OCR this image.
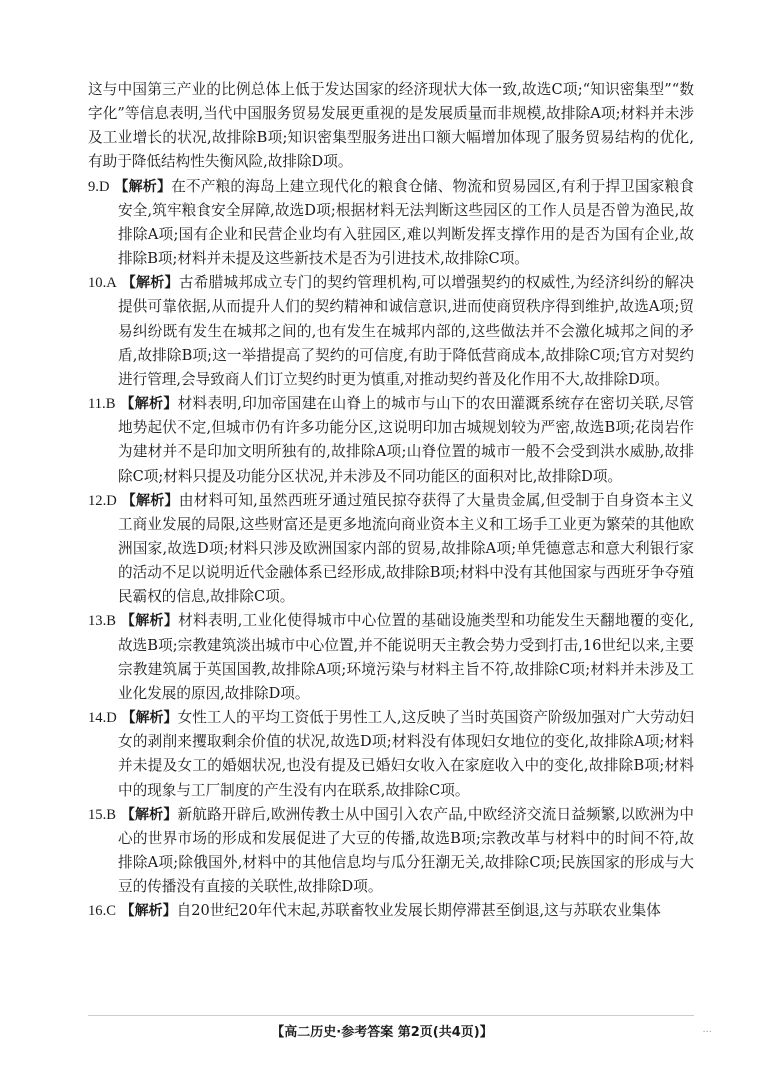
这与中国第三产业的比例总体上低于发达国家的经济现状大体一致,故选C项;“知识密集型”“数字化”等信息表明,当代中国服务贸易发展更重视的是发展质量而非规模,故排除A项;材料并未涉及工业增长的状况,故排除B项;知识密集型服务进出口额大幅增加体现了服务贸易结构的优化,有助于降低结构性失衡风险,故排除D项。

9.D 【解析】在不产粮的海岛上建立现代化的粮食仓储、物流和贸易园区,有利于捍卫国家粮食安全,筑牢粮食安全屏障,故选D项;根据材料无法判断这些园区的工作人员是否曾为渔民,故排除A项;国有企业和民营企业均有入驻园区,难以判断发挥支撑作用的是否为国有企业,故排除B项;材料并未提及这些新技术是否为引进技术,故排除C项。

10.A 【解析】古希腊城邦成立专门的契约管理机构,可以增强契约的权威性,为经济纠纷的解决提供可靠依据,从而提升人们的契约精神和诚信意识,进而使商贸秩序得到维护,故选A项;贸易纠纷既有发生在城邦之间的,也有发生在城邦内部的,这些做法并不会激化城邦之间的矛盾,故排除B项;这一举措提高了契约的可信度,有助于降低营商成本,故排除C项;官方对契约进行管理,会导致商人们订立契约时更为慎重,对推动契约普及化作用不大,故排除D项。

11.B 【解析】材料表明,印加帝国建在山脊上的城市与山下的农田灌溉系统存在密切关联,尽管地势起伏不定,但城市仍有许多功能分区,这说明印加古城规划较为严密,故选B项;花岗岩作为建材并不是印加文明所独有的,故排除A项;山脊位置的城市一般不会受到洪水威胁,故排除C项;材料只提及功能分区状况,并未涉及不同功能区的面积对比,故排除D项。

12.D 【解析】由材料可知,虽然西班牙通过殖民掠夺获得了大量贵金属,但受制于自身资本主义工商业发展的局限,这些财富还是更多地流向商业资本主义和工场手工业更为繁荣的其他欧洲国家,故选D项;材料只涉及欧洲国家内部的贸易,故排除A项;单凭德意志和意大利银行家的活动不足以说明近代金融体系已经形成,故排除B项;材料中没有其他国家与西班牙争夺殖民霸权的信息,故排除C项。

13.B 【解析】材料表明,工业化使得城市中心位置的基础设施类型和功能发生天翻地覆的变化,故选B项;宗教建筑淡出城市中心位置,并不能说明天主教会势力受到打击,16世纪以来,主要宗教建筑属于英国国教,故排除A项;环境污染与材料主旨不符,故排除C项;材料并未涉及工业化发展的原因,故排除D项。

14.D 【解析】女性工人的平均工资低于男性工人,这反映了当时英国资产阶级加强对广大劳动妇女的剥削来攫取剩余价值的状况,故选D项;材料没有体现妇女地位的变化,故排除A项;材料并未提及女工的婚姻状况,也没有提及已婚妇女收入在家庭收入中的变化,故排除B项;材料中的现象与工厂制度的产生没有内在联系,故排除C项。

15.B 【解析】新航路开辟后,欧洲传教士从中国引入农产品,中欧经济交流日益频繁,以欧洲为中心的世界市场的形成和发展促进了大豆的传播,故选B项;宗教改革与材料中的时间不符,故排除A项;除俄国外,材料中的其他信息均与瓜分狂潮无关,故排除C项;民族国家的形成与大豆的传播没有直接的关联性,故排除D项。

16.C 【解析】自20世纪20年代末起,苏联畜牧业发展长期停滞甚至倒退,这与苏联农业集体

【高二历史·参考答案 第2页(共4页)】	...
